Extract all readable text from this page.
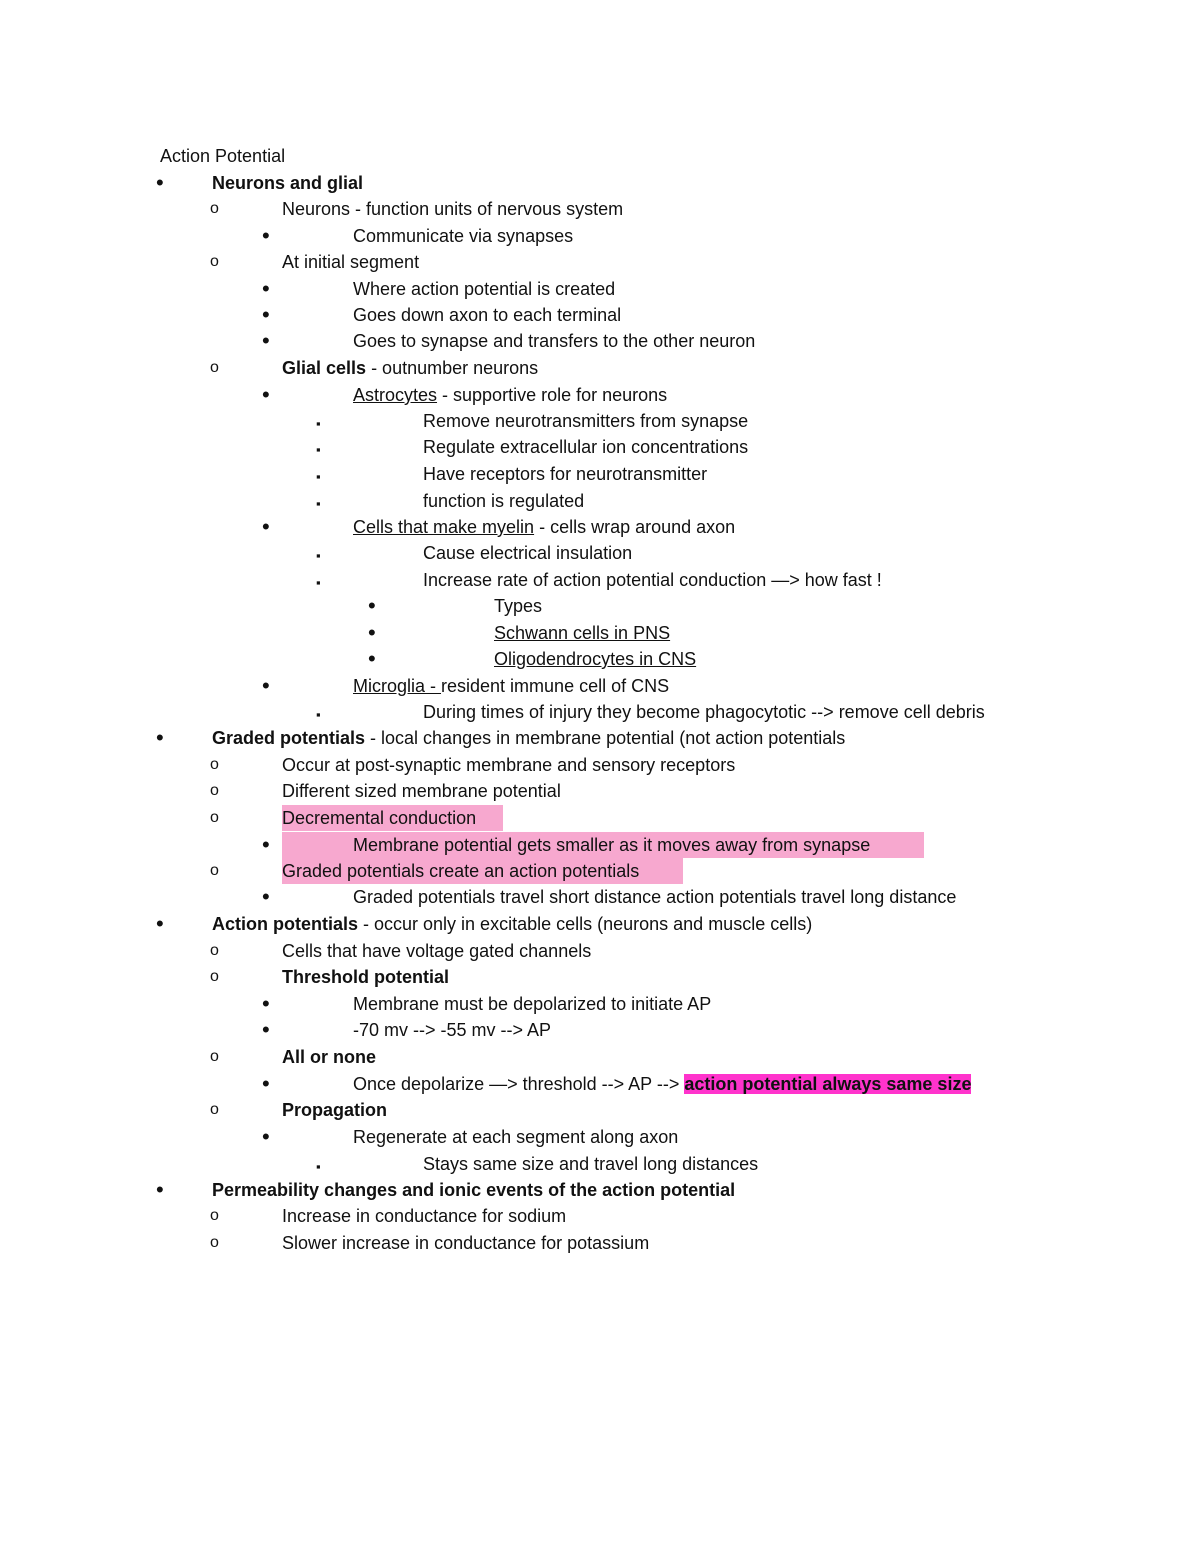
Action Potential
•	Neurons and glial
o	Neurons - function units of nervous system
•	Communicate via synapses
o	At initial segment
•	Where action potential is created
•	Goes down axon to each terminal
•	Goes to synapse and transfers to the other neuron
o	Glial cells - outnumber neurons
•	Astrocytes - supportive role for neurons
▪	Remove neurotransmitters from synapse
▪	Regulate extracellular ion concentrations
▪	Have receptors for neurotransmitter
▪	function is regulated
•	Cells that make myelin - cells wrap around axon
▪	Cause electrical insulation
▪	Increase rate of action potential conduction —> how fast !
•	Types
•	Schwann cells in PNS
•	Oligodendrocytes in CNS
•	Microglia - resident immune cell of CNS
▪	During times of injury they become phagocytotic --> remove cell debris
•	Graded potentials - local changes in membrane potential (not action potentials
o	Occur at post-synaptic membrane and sensory receptors
o	Different sized membrane potential
o	Decremental conduction
•	Membrane potential gets smaller as it moves away from synapse
o	Graded potentials create an action potentials
•	Graded potentials travel short distance action potentials travel long distance
•	Action potentials - occur only in excitable cells (neurons and muscle cells)
o	Cells that have voltage gated channels
o	Threshold potential
•	Membrane must be depolarized to initiate AP
•	-70 mv --> -55 mv --> AP
o	All or none
•	Once depolarize —> threshold --> AP --> action potential always same size
o	Propagation
•	Regenerate at each segment along axon
▪	Stays same size and travel long distances
•	Permeability changes and ionic events of the action potential
o	Increase in conductance for sodium
o	Slower increase in conductance for potassium
